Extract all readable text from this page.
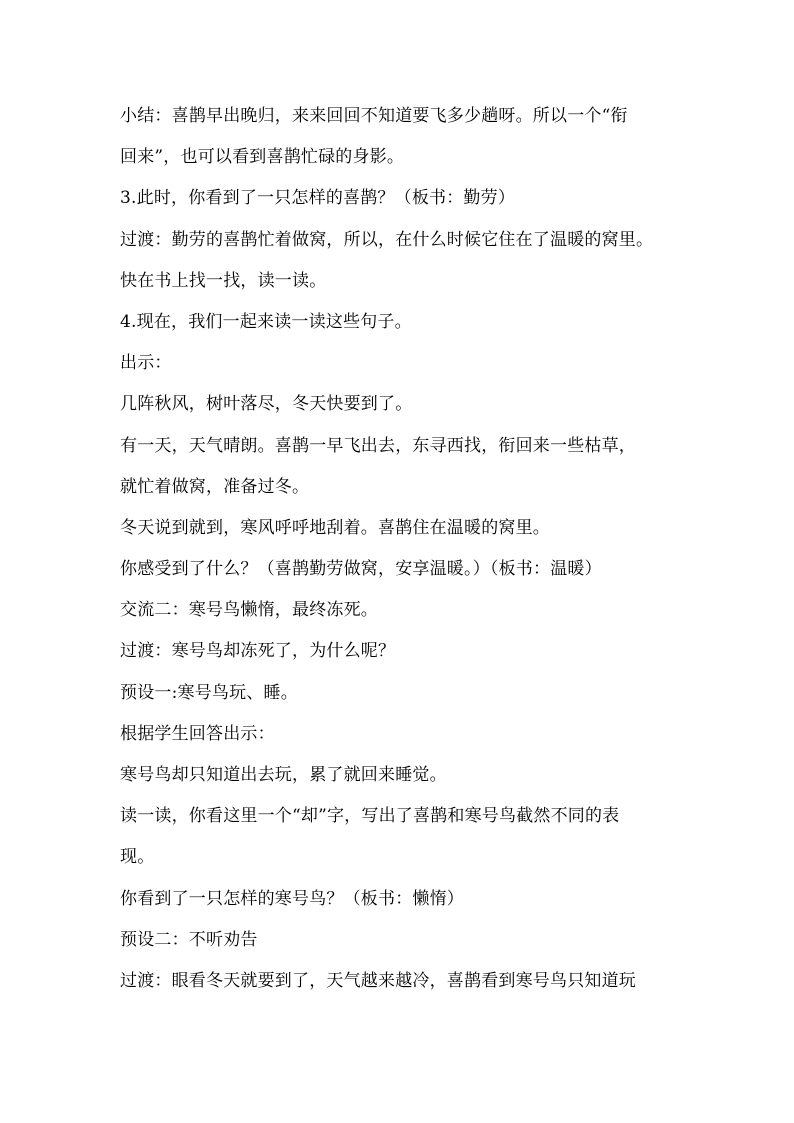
小结：喜鹊早出晚归，来来回回不知道要飞多少趟呀。所以一个“衔
回来”，也可以看到喜鹊忙碌的身影。
3.此时，你看到了一只怎样的喜鹊？（板书：勤劳）
过渡：勤劳的喜鹊忙着做窝，所以，在什么时候它住在了温暖的窝里。
快在书上找一找，读一读。
4.现在，我们一起来读一读这些句子。
出示：
几阵秋风，树叶落尽，冬天快要到了。
有一天，天气晴朗。喜鹊一早飞出去，东寻西找，衔回来一些枯草，
就忙着做窝，准备过冬。
冬天说到就到，寒风呼呼地刮着。喜鹊住在温暖的窝里。
你感受到了什么？（喜鹊勤劳做窝，安享温暖。）（板书：温暖）
交流二：寒号鸟懒惰，最终冻死。
过渡：寒号鸟却冻死了，为什么呢？
预设一:寒号鸟玩、睡。
根据学生回答出示：
寒号鸟却只知道出去玩，累了就回来睡觉。
读一读，你看这里一个“却”字，写出了喜鹊和寒号鸟截然不同的表
现。
你看到了一只怎样的寒号鸟？（板书：懒惰）
预设二：不听劝告
过渡：眼看冬天就要到了，天气越来越冷，喜鹊看到寒号鸟只知道玩
